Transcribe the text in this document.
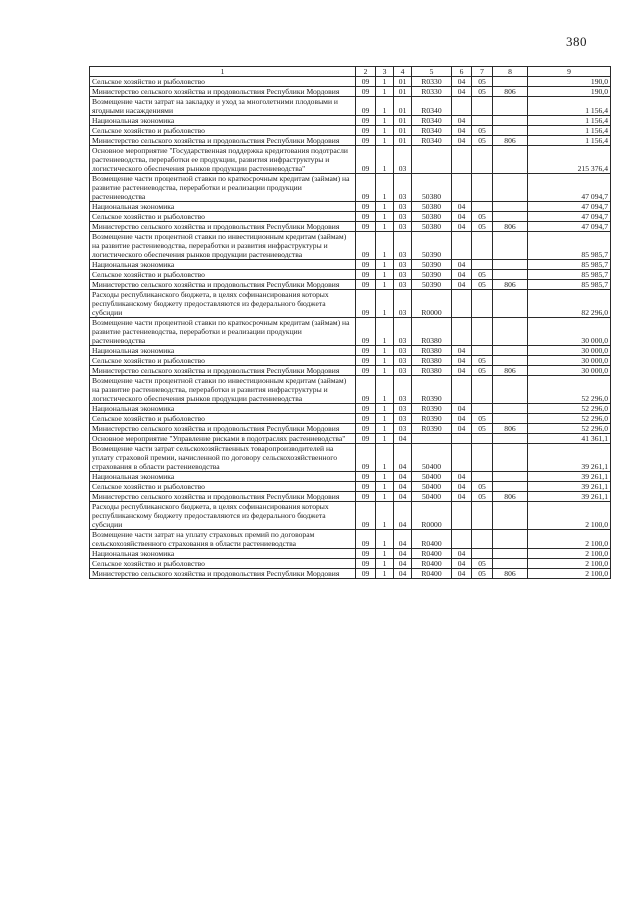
380
1	2	3	4	5	6	7	8	9
Сельское хозяйство и рыболовство	09	1	01	R0330	04	05		190,0
Министерство сельского хозяйства и продовольствия Республики Мордовия	09	1	01	R0330	04	05	806	190,0
Возмещение части затрат на закладку и уход за многолетними плодовыми и ягодными насаждениями	09	1	01	R0340				1 156,4
Национальная экономика	09	1	01	R0340	04			1 156,4
Сельское хозяйство и рыболовство	09	1	01	R0340	04	05		1 156,4
Министерство сельского хозяйства и продовольствия Республики Мордовия	09	1	01	R0340	04	05	806	1 156,4
Основное мероприятие "Государственная поддержка кредитования подотрасли растениеводства, переработки ее продукции, развития инфраструктуры и логистического обеспечения рынков продукции растениеводства"	09	1	03					215 376,4
Возмещение части процентной ставки по краткосрочным кредитам (займам) на развитие растениеводства, переработки и реализации продукции растениеводства	09	1	03	50380				47 094,7
Национальная экономика	09	1	03	50380	04			47 094,7
Сельское хозяйство и рыболовство	09	1	03	50380	04	05		47 094,7
Министерство сельского хозяйства и продовольствия Республики Мордовия	09	1	03	50380	04	05	806	47 094,7
Возмещение части процентной ставки по инвестиционным кредитам (займам) на развитие растениеводства, переработки и развития инфраструктуры и логистического обеспечения рынков продукции растениеводства	09	1	03	50390				85 985,7
Национальная экономика	09	1	03	50390	04			85 985,7
Сельское хозяйство и рыболовство	09	1	03	50390	04	05		85 985,7
Министерство сельского хозяйства и продовольствия Республики Мордовия	09	1	03	50390	04	05	806	85 985,7
Расходы республиканского бюджета, в целях софинансирования которых республиканскому бюджету предоставляются из федерального бюджета субсидии	09	1	03	R0000				82 296,0
Возмещение части процентной ставки по краткосрочным кредитам (займам) на развитие растениеводства, переработки и реализации продукции растениеводства	09	1	03	R0380				30 000,0
Национальная экономика	09	1	03	R0380	04			30 000,0
Сельское хозяйство и рыболовство	09	1	03	R0380	04	05		30 000,0
Министерство сельского хозяйства и продовольствия Республики Мордовия	09	1	03	R0380	04	05	806	30 000,0
Возмещение части процентной ставки по инвестиционным кредитам (займам) на развитие растениеводства, переработки и развития инфраструктуры и логистического обеспечения рынков продукции растениеводства	09	1	03	R0390				52 296,0
Национальная экономика	09	1	03	R0390	04			52 296,0
Сельское хозяйство и рыболовство	09	1	03	R0390	04	05		52 296,0
Министерство сельского хозяйства и продовольствия Республики Мордовия	09	1	03	R0390	04	05	806	52 296,0
Основное мероприятие "Управление рисками в подотраслях растениеводства"	09	1	04					41 361,1
Возмещение части затрат сельскохозяйственных товаропроизводителей на уплату страховой премии, начисленной по договору сельскохозяйственного страхования в области растениеводства	09	1	04	50400				39 261,1
Национальная экономика	09	1	04	50400	04			39 261,1
Сельское хозяйство и рыболовство	09	1	04	50400	04	05		39 261,1
Министерство сельского хозяйства и продовольствия Республики Мордовия	09	1	04	50400	04	05	806	39 261,1
Расходы республиканского бюджета, в целях софинансирования которых республиканскому бюджету предоставляются из федерального бюджета субсидии	09	1	04	R0000				2 100,0
Возмещение части затрат на уплату страховых премий по договорам сельскохозяйственного страхования в области растениеводства	09	1	04	R0400				2 100,0
Национальная экономика	09	1	04	R0400	04			2 100,0
Сельское хозяйство и рыболовство	09	1	04	R0400	04	05		2 100,0
Министерство сельского хозяйства и продовольствия Республики Мордовия	09	1	04	R0400	04	05	806	2 100,0
